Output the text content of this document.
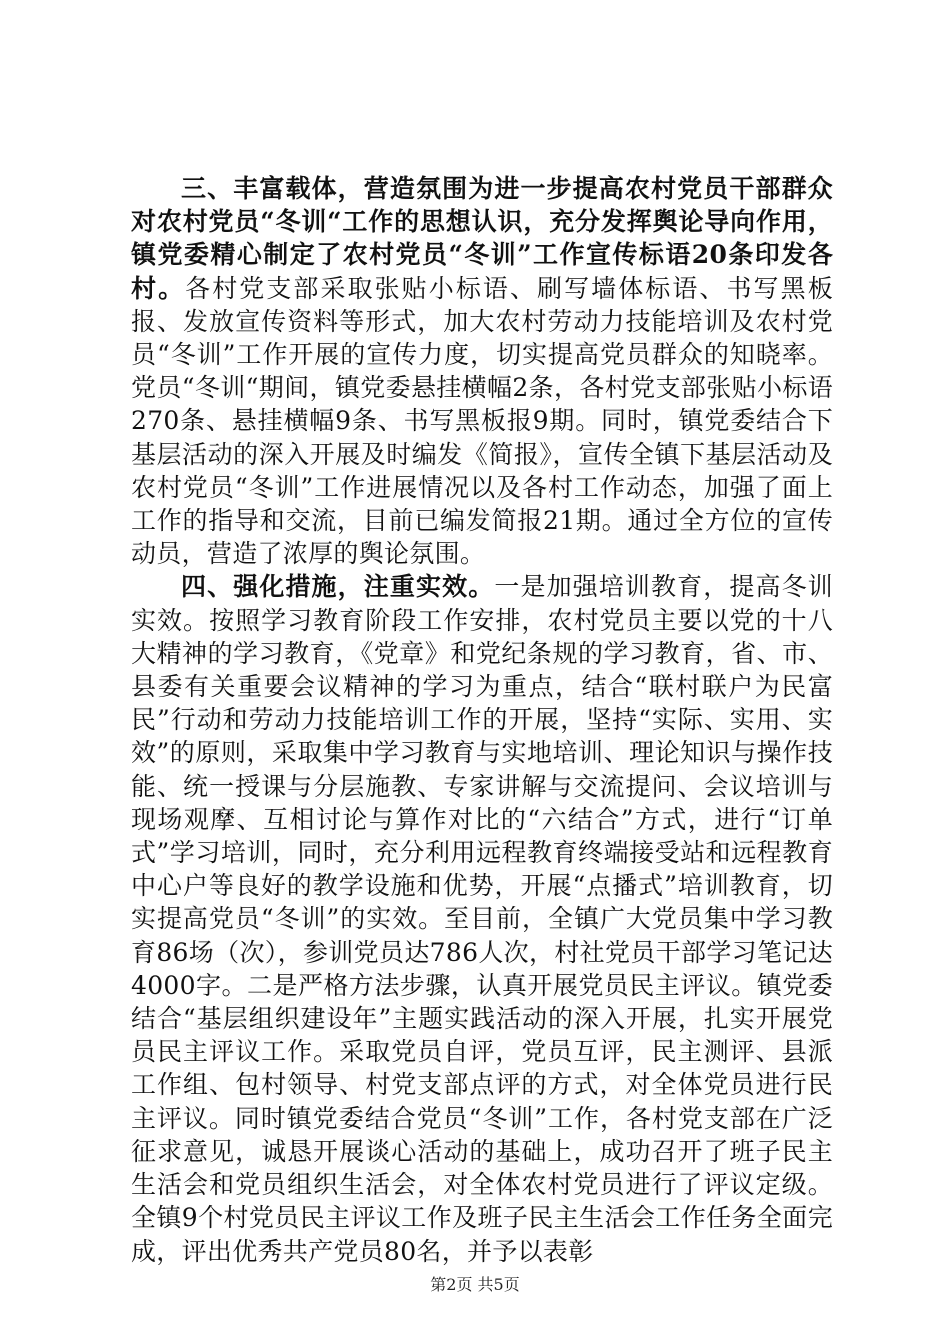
三、丰富载体，营造氛围为进一步提高农村党员干部群众对农村党员“冬训“工作的思想认识，充分发挥舆论导向作用，镇党委精心制定了农村党员“冬训”工作宣传标语20条印发各村。各村党支部采取张贴小标语、刷写墙体标语、书写黑板报、发放宣传资料等形式，加大农村劳动力技能培训及农村党员“冬训”工作开展的宣传力度，切实提高党员群众的知晓率。党员“冬训“期间，镇党委悬挂横幅2条，各村党支部张贴小标语270条、悬挂横幅9条、书写黑板报9期。同时，镇党委结合下基层活动的深入开展及时编发《简报》，宣传全镇下基层活动及农村党员“冬训”工作进展情况以及各村工作动态，加强了面上工作的指导和交流，目前已编发简报21期。通过全方位的宣传动员，营造了浓厚的舆论氛围。

四、强化措施，注重实效。一是加强培训教育，提高冬训实效。按照学习教育阶段工作安排，农村党员主要以党的十八大精神的学习教育，《党章》和党纪条规的学习教育，省、市、县委有关重要会议精神的学习为重点，结合“联村联户为民富民”行动和劳动力技能培训工作的开展，坚持“实际、实用、实效”的原则，采取集中学习教育与实地培训、理论知识与操作技能、统一授课与分层施教、专家讲解与交流提问、会议培训与现场观摩、互相讨论与算作对比的“六结合”方式，进行“订单式”学习培训，同时，充分利用远程教育终端接受站和远程教育中心户等良好的教学设施和优势，开展“点播式”培训教育，切实提高党员“冬训”的实效。至目前，全镇广大党员集中学习教育86场（次），参训党员达786人次，村社党员干部学习笔记达4000字。二是严格方法步骤，认真开展党员民主评议。镇党委结合“基层组织建设年”主题实践活动的深入开展，扎实开展党员民主评议工作。采取党员自评，党员互评，民主测评、县派工作组、包村领导、村党支部点评的方式，对全体党员进行民主评议。同时镇党委结合党员“冬训”工作，各村党支部在广泛征求意见，诚恳开展谈心活动的基础上，成功召开了班子民主生活会和党员组织生活会，对全体农村党员进行了评议定级。全镇9个村党员民主评议工作及班子民主生活会工作任务全面完成，评出优秀共产党员80名，并予以表彰

第2页 共5页
